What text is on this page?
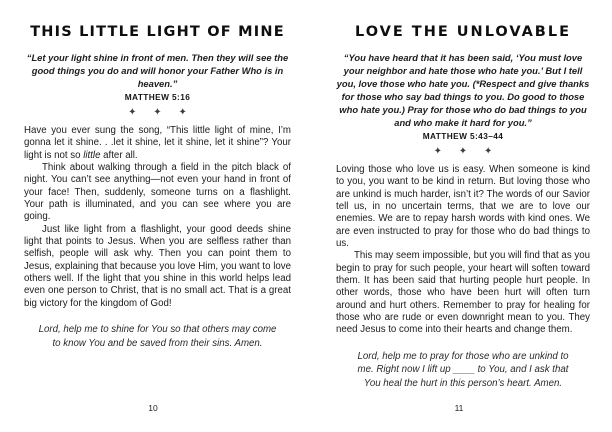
THIS LITTLE LIGHT OF MINE
“Let your light shine in front of men. Then they will see the good things you do and will honor your Father Who is in heaven.”
MATTHEW 5:16
✦ ✦ ✦

Have you ever sung the song, “This little light of mine, I’m gonna let it shine. . .let it shine, let it shine, let it shine”? Your light is not so little after all.

Think about walking through a field in the pitch black of night. You can’t see anything—not even your hand in front of your face! Then, suddenly, someone turns on a flashlight. Your path is illuminated, and you can see where you are going.

Just like light from a flashlight, your good deeds shine light that points to Jesus. When you are selfless rather than selfish, people will ask why. Then you can point them to Jesus, explaining that because you love Him, you want to love others well. If the light that you shine in this world helps lead even one person to Christ, that is no small act. That is a great big victory for the kingdom of God!

Lord, help me to shine for You so that others may come
to know You and be saved from their sins. Amen.
10
LOVE THE UNLOVABLE
“You have heard that it has been said, ‘You must love your neighbor and hate those who hate you.’ But I tell you, love those who hate you. (*Respect and give thanks for those who say bad things to you. Do good to those who hate you.) Pray for those who do bad things to you and who make it hard for you.”
MATTHEW 5:43–44
✦ ✦ ✦

Loving those who love us is easy. When someone is kind to you, you want to be kind in return. But loving those who are unkind is much harder, isn’t it? The words of our Savior tell us, in no uncertain terms, that we are to love our enemies. We are to repay harsh words with kind ones. We are even instructed to pray for those who do bad things to us.

This may seem impossible, but you will find that as you begin to pray for such people, your heart will soften toward them. It has been said that hurting people hurt people. In other words, those who have been hurt will often turn around and hurt others. Remember to pray for healing for those who are rude or even downright mean to you. They need Jesus to come into their hearts and change them.

Lord, help me to pray for those who are unkind to
me. Right now I lift up ____ to You, and I ask that
You heal the hurt in this person’s heart. Amen.
11
